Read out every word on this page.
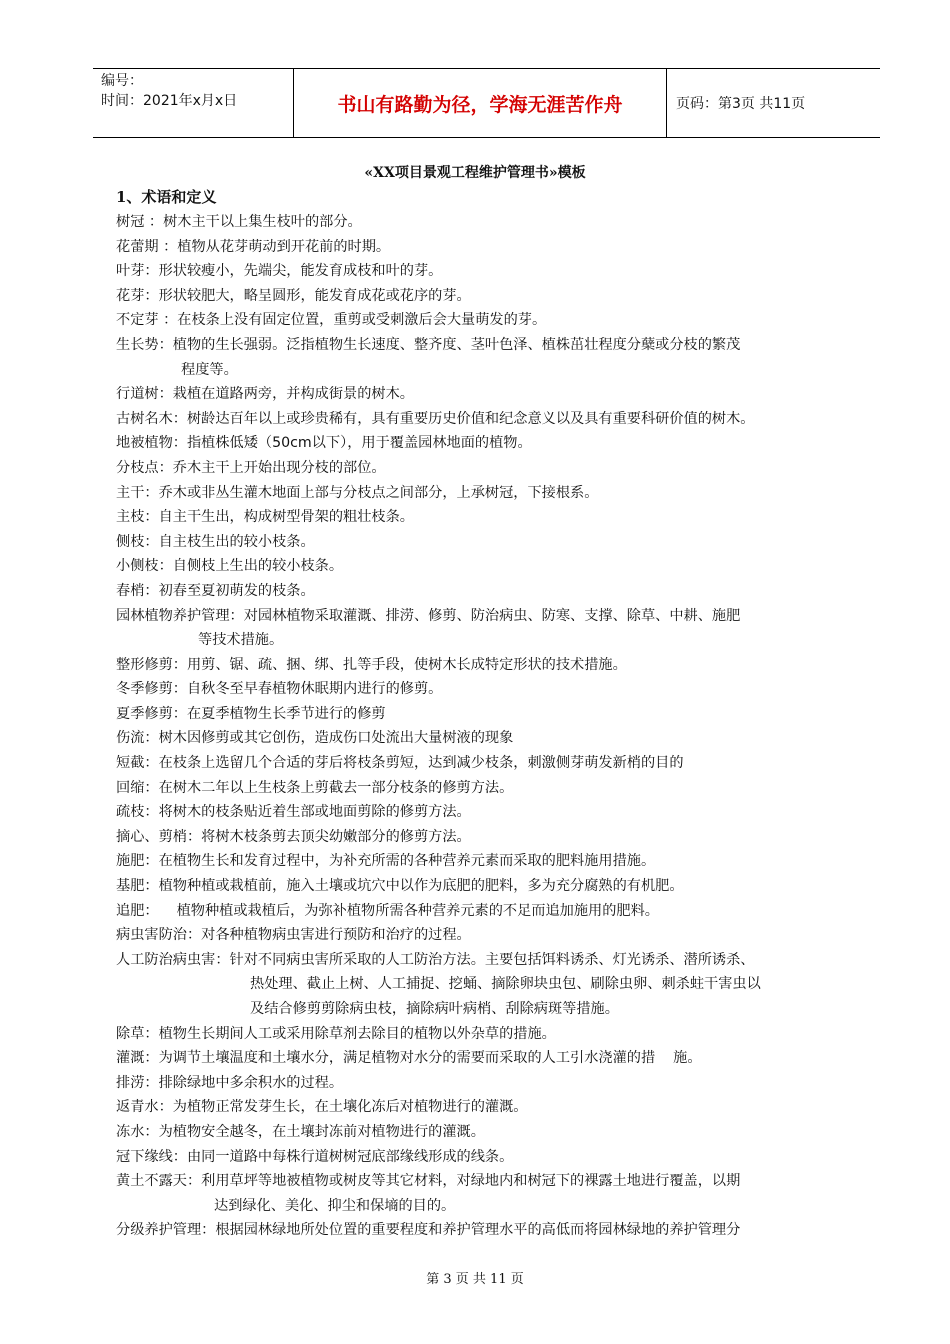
编号：
时间：2021年x月x日	书山有路勤为径，学海无涯苦作舟	页码：第3页 共11页
«XX项目景观工程维护管理书»模板
1、术语和定义
树冠 ：树木主干以上集生枝叶的部分。
花蕾期 ：植物从花芽萌动到开花前的时期。
叶芽：形状较瘦小，先端尖，能发育成枝和叶的芽。
花芽：形状较肥大，略呈圆形，能发育成花或花序的芽。
不定芽 ：在枝条上没有固定位置，重剪或受刺激后会大量萌发的芽。
生长势：植物的生长强弱。泛指植物生长速度、整齐度、茎叶色泽、植株茁壮程度分蘖或分枝的繁茂
程度等。
行道树：栽植在道路两旁，并构成街景的树木。
古树名木：树龄达百年以上或珍贵稀有，具有重要历史价值和纪念意义以及具有重要科研价值的树木。
地被植物：指植株低矮（50cm以下），用于覆盖园林地面的植物。
分枝点：乔木主干上开始出现分枝的部位。
主干：乔木或非丛生灌木地面上部与分枝点之间部分，上承树冠，下接根系。
主枝：自主干生出，构成树型骨架的粗壮枝条。
侧枝：自主枝生出的较小枝条。
小侧枝：自侧枝上生出的较小枝条。
春梢：初春至夏初萌发的枝条。
园林植物养护管理：对园林植物采取灌溉、排涝、修剪、防治病虫、防寒、支撑、除草、中耕、施肥
等技术措施。
整形修剪：用剪、锯、疏、捆、绑、扎等手段，使树木长成特定形状的技术措施。
冬季修剪：自秋冬至早春植物休眠期内进行的修剪。
夏季修剪：在夏季植物生长季节进行的修剪
伤流：树木因修剪或其它创伤，造成伤口处流出大量树液的现象
短截：在枝条上选留几个合适的芽后将枝条剪短，达到减少枝条，刺激侧芽萌发新梢的目的
回缩：在树木二年以上生枝条上剪截去一部分枝条的修剪方法。
疏枝：将树木的枝条贴近着生部或地面剪除的修剪方法。
摘心、剪梢：将树木枝条剪去顶尖幼嫩部分的修剪方法。
施肥：在植物生长和发育过程中，为补充所需的各种营养元素而采取的肥料施用措施。
基肥：植物种植或栽植前，施入土壤或坑穴中以作为底肥的肥料，多为充分腐熟的有机肥。
追肥：    植物种植或栽植后，为弥补植物所需各种营养元素的不足而追加施用的肥料。
病虫害防治：对各种植物病虫害进行预防和治疗的过程。
人工防治病虫害：针对不同病虫害所采取的人工防治方法。主要包括饵料诱杀、灯光诱杀、潜所诱杀、
热处理、截止上树、人工捕捉、挖蛹、摘除卵块虫包、刷除虫卵、刺杀蛀干害虫以
及结合修剪剪除病虫枝，摘除病叶病梢、刮除病斑等措施。
除草：植物生长期间人工或采用除草剂去除目的植物以外杂草的措施。
灌溉：为调节土壤温度和土壤水分，满足植物对水分的需要而采取的人工引水浇灌的措    施。
排涝：排除绿地中多余积水的过程。
返青水：为植物正常发芽生长，在土壤化冻后对植物进行的灌溉。
冻水：为植物安全越冬，在土壤封冻前对植物进行的灌溉。
冠下缘线：由同一道路中每株行道树树冠底部缘线形成的线条。
黄土不露天：利用草坪等地被植物或树皮等其它材料，对绿地内和树冠下的裸露土地进行覆盖，以期
达到绿化、美化、抑尘和保墒的目的。
分级养护管理：根据园林绿地所处位置的重要程度和养护管理水平的高低而将园林绿地的养护管理分
第 3 页 共 11 页
